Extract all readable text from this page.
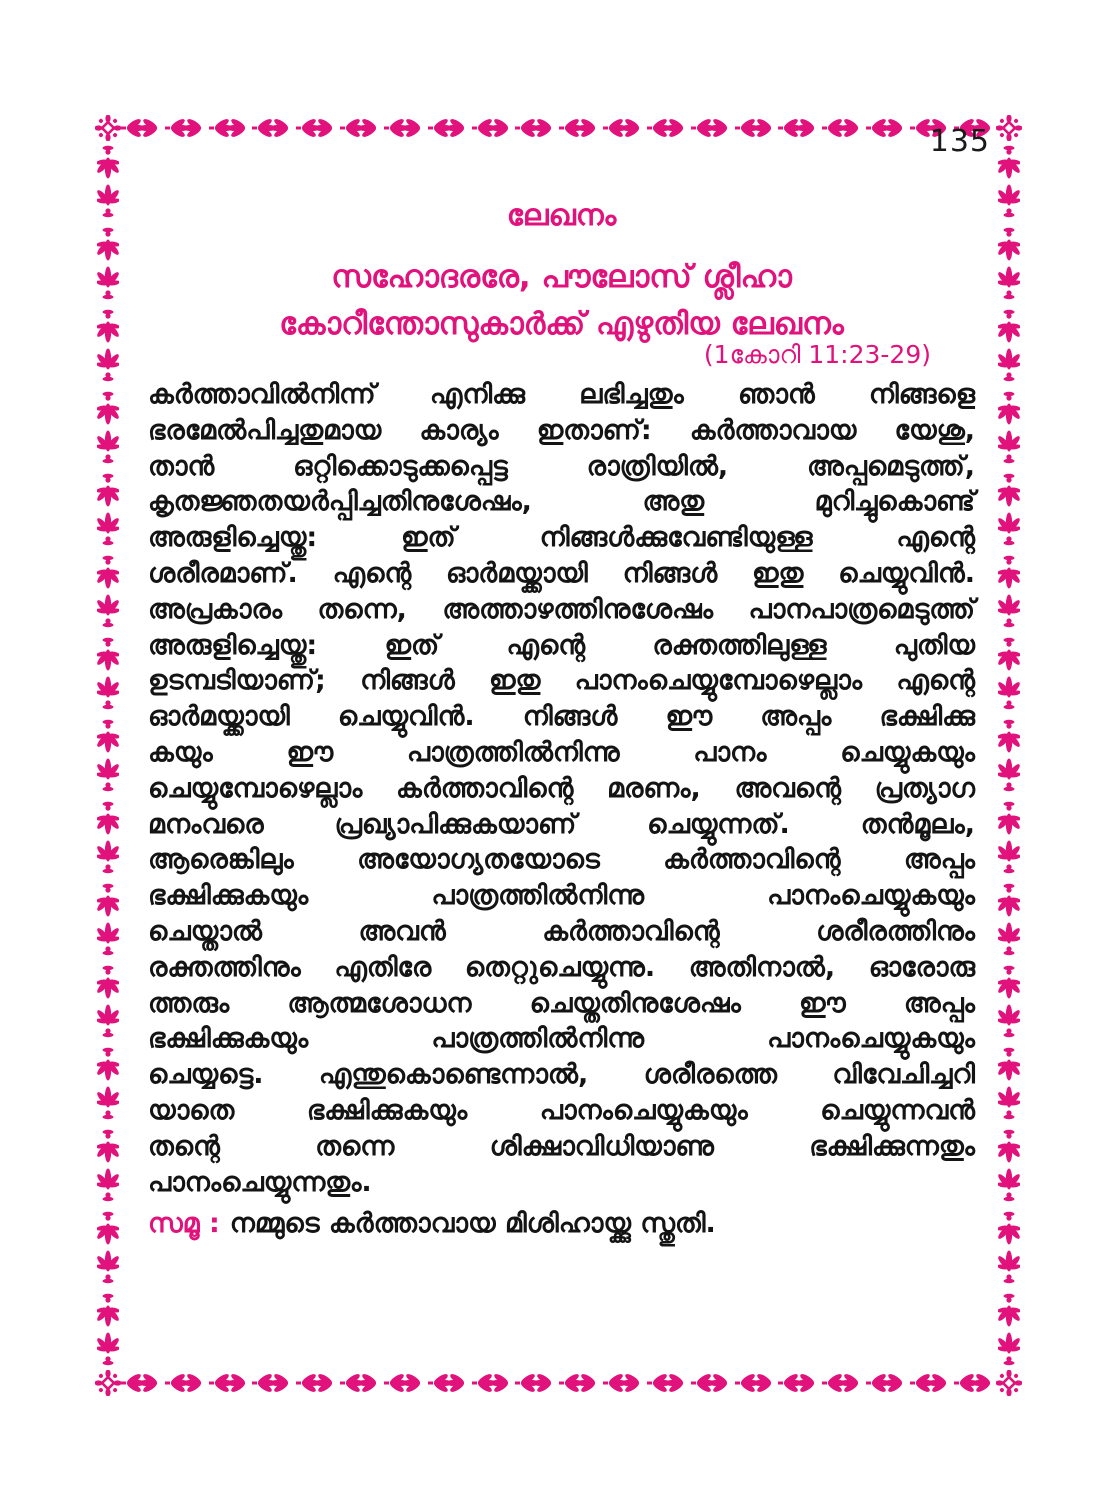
135
ലേഖനം
സഹോദരരേ, പൗലോസ് ശ്ലീഹാ
കോറീന്തോസുകാർക്ക് എഴുതിയ ലേഖനം
(1കോറി 11:23-29)
കർത്താവിൽനിന്ന് എനിക്കു ലഭിച്ചതും ഞാൻ നിങ്ങളെ
ഭരമേൽപിച്ചതുമായ കാര്യം ഇതാണ്: കർത്താവായ യേശു,
താൻ ഒറ്റിക്കൊടുക്കപ്പെട്ട രാത്രിയിൽ, അപ്പമെടുത്ത്,
കൃതജ്ഞതയർപ്പിച്ചതിനുശേഷം, അതു മുറിച്ചുകൊണ്ട്
അരുളിച്ചെയ്തു: ഇത് നിങ്ങൾക്കുവേണ്ടിയുള്ള എന്റെ
ശരീരമാണ്. എന്റെ ഓർമയ്ക്കായി നിങ്ങൾ ഇതു ചെയ്യുവിൻ.
അപ്രകാരം തന്നെ, അത്താഴത്തിനുശേഷം പാനപാത്രമെടുത്ത്
അരുളിച്ചെയ്തു: ഇത് എന്റെ രക്തത്തിലുള്ള പുതിയ
ഉടമ്പടിയാണ്; നിങ്ങൾ ഇതു പാനംചെയ്യുമ്പോഴെല്ലാം എന്റെ
ഓർമയ്ക്കായി ചെയ്യുവിൻ. നിങ്ങൾ ഈ അപ്പം ഭക്ഷിക്കു
കയും ഈ പാത്രത്തിൽനിന്നു പാനം ചെയ്യുകയും
ചെയ്യുമ്പോഴെല്ലാം കർത്താവിന്റെ മരണം, അവന്റെ പ്രത്യാഗ
മനംവരെ പ്രഖ്യാപിക്കുകയാണ് ചെയ്യുന്നത്. തൻമൂലം,
ആരെങ്കിലും അയോഗ്യതയോടെ കർത്താവിന്റെ അപ്പം
ഭക്ഷിക്കുകയും പാത്രത്തിൽനിന്നു പാനംചെയ്യുകയും
ചെയ്താൽ അവൻ കർത്താവിന്റെ ശരീരത്തിനും
രക്തത്തിനും എതിരേ തെറ്റുചെയ്യുന്നു. അതിനാൽ, ഓരോരു
ത്തരും ആത്മശോധന ചെയ്തതിനുശേഷം ഈ അപ്പം
ഭക്ഷിക്കുകയും പാത്രത്തിൽനിന്നു പാനംചെയ്യുകയും
ചെയ്യട്ടെ. എന്തുകൊണ്ടെന്നാൽ, ശരീരത്തെ വിവേചിച്ചറി
യാതെ ഭക്ഷിക്കുകയും പാനംചെയ്യുകയും ചെയ്യുന്നവൻ
തന്റെ തന്നെ ശിക്ഷാവിധിയാണു ഭക്ഷിക്കുന്നതും
പാനംചെയ്യുന്നതും.
സമൂ : നമ്മുടെ കർത്താവായ മിശിഹായ്ക്കു സ്തുതി.
